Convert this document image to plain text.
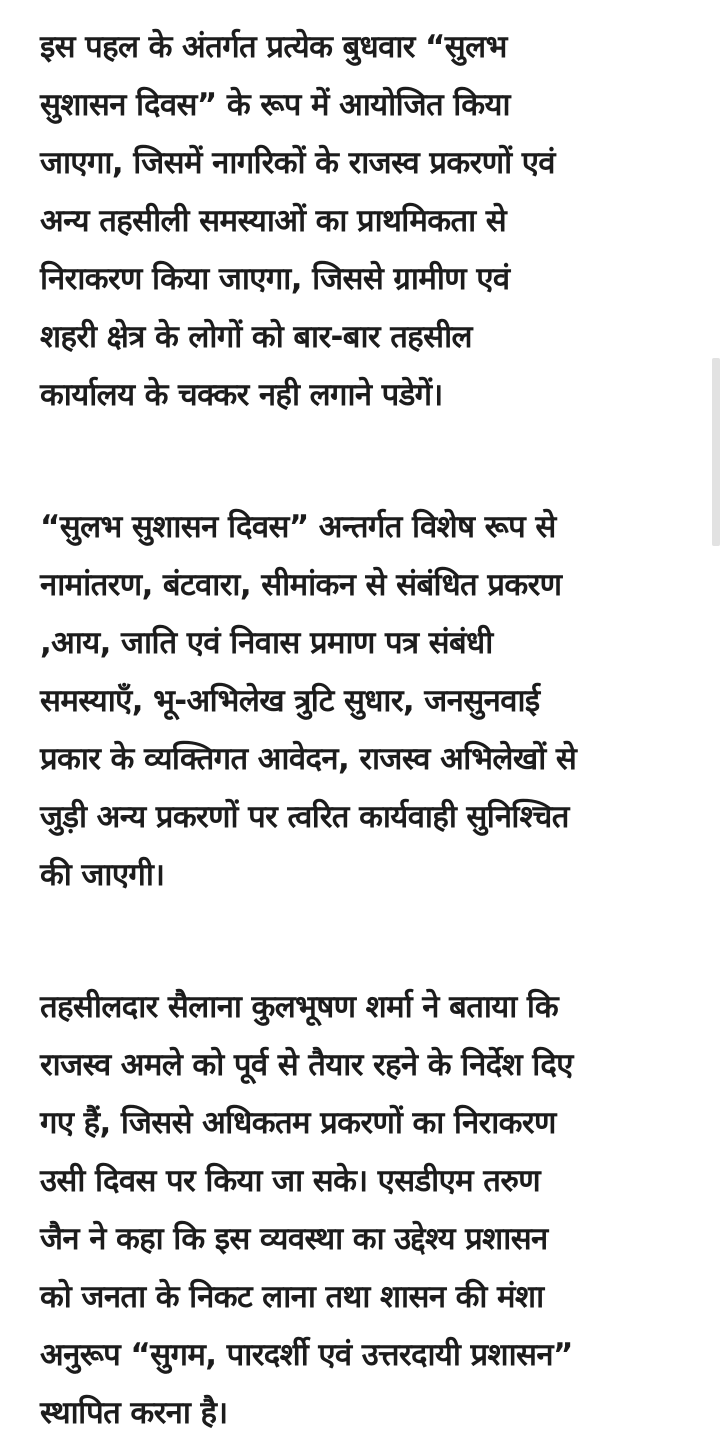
इस पहल के अंतर्गत प्रत्येक बुधवार “सुलभ
सुशासन दिवस” के रूप में आयोजित किया
जाएगा, जिसमें नागरिकों के राजस्व प्रकरणों एवं
अन्य तहसीली समस्याओं का प्राथमिकता से
निराकरण किया जाएगा, जिससे ग्रामीण एवं
शहरी क्षेत्र के लोगों को बार-बार तहसील
कार्यालय के चक्कर नही लगाने पडेगें।

“सुलभ सुशासन दिवस” अन्तर्गत विशेष रूप से
नामांतरण, बंटवारा, सीमांकन से संबंधित प्रकरण
,आय, जाति एवं निवास प्रमाण पत्र संबंधी
समस्याएँ, भू-अभिलेख त्रुटि सुधार, जनसुनवाई
प्रकार के व्यक्तिगत आवेदन, राजस्व अभिलेखों से
जुड़ी अन्य प्रकरणों पर त्वरित कार्यवाही सुनिश्चित
की जाएगी।

तहसीलदार सैलाना कुलभूषण शर्मा ने बताया कि
राजस्व अमले को पूर्व से तैयार रहने के निर्देश दिए
गए हैं, जिससे अधिकतम प्रकरणों का निराकरण
उसी दिवस पर किया जा सके। एसडीएम तरुण
जैन ने कहा कि इस व्यवस्था का उद्देश्य प्रशासन
को जनता के निकट लाना तथा शासन की मंशा
अनुरूप “सुगम, पारदर्शी एवं उत्तरदायी प्रशासन”
स्थापित करना है।
